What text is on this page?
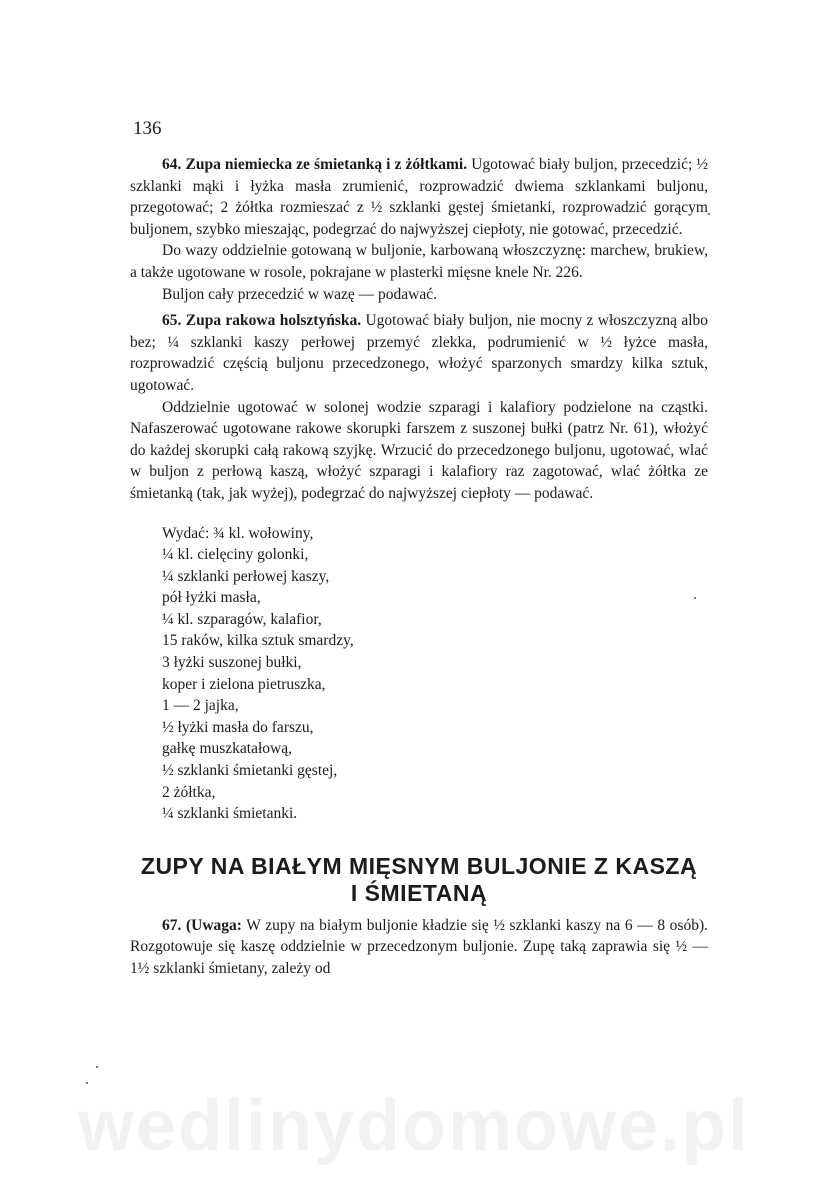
136

64. Zupa niemiecka ze śmietanką i z żółtkami. Ugotować biały buljon, przecedzić; ½ szklanki mąki i łyżka masła zrumienić, rozprowadzić dwiema szklankami buljonu, przegotować; 2 żółtka rozmieszać z ½ szklanki gęstej śmietanki, rozprowadzić gorącym buljonem, szybko mieszając, podegrzać do najwyższej ciepłoty, nie gotować, przecedzić.

Do wazy oddzielnie gotowaną w buljonie, karbowaną włoszczyznę: marchew, brukiew, a także ugotowane w rosole, pokrajane w plasterki mięsne knele Nr. 226.

Buljon cały przecedzić w wazę — podawać.

65. Zupa rakowa holsztyńska. Ugotować biały buljon, nie mocny z włoszczyzną albo bez; ¼ szklanki kaszy perłowej przemyć zlekka, podrumienić w ½ łyżce masła, rozprowadzić częścią buljonu przecedzonego, włożyć sparzonych smardzy kilka sztuk, ugotować.

Oddzielnie ugotować w solonej wodzie szparagi i kalafiory podzielone na cząstki. Nafaszerować ugotowane rakowe skorupki farszem z suszonej bułki (patrz Nr. 61), włożyć do każdej skorupki całą rakową szyjkę. Wrzucić do przecedzonego buljonu, ugotować, wlać w buljon z perłową kaszą, włożyć szparagi i kalafiory raz zagotować, wlać żółtka ze śmietanką (tak, jak wyżej), podegrzać do najwyższej ciepłoty — podawać.

Wydać: ¾ kl. wołowiny,

¼ kl. cielęciny golonki,

¼ szklanki perłowej kaszy,

pół łyżki masła,

¼ kl. szparagów, kalafior,

15 raków, kilka sztuk smardzy,

3 łyżki suszonej bułki,

koper i zielona pietruszka,

1 — 2 jajka,

½ łyżki masła do farszu,

gałkę muszkatałową,

½ szklanki śmietanki gęstej,

2 żółtka,

¼ szklanki śmietanki.

ZUPY NA BIAŁYM MIĘSNYM BULJONIE Z KASZĄ
I ŚMIETANĄ

67. (Uwaga: W zupy na białym buljonie kładzie się ½ szklanki kaszy na 6 — 8 osób). Rozgotowuje się kaszę oddzielnie w przecedzonym buljonie. Zupę taką zaprawia się ½ — 1½ szklanki śmietany, zależy od

wedlinydomowe.pl
